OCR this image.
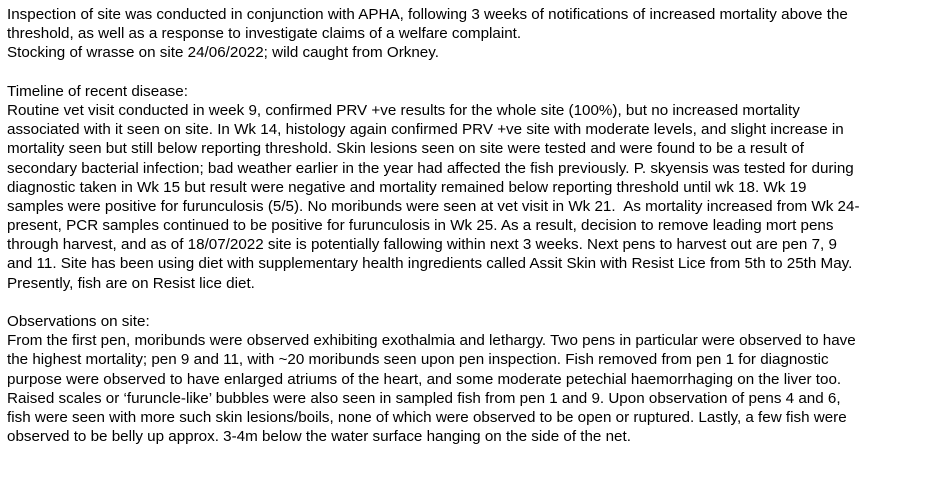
Inspection of site was conducted in conjunction with APHA, following 3 weeks of notifications of increased mortality above the
threshold, as well as a response to investigate claims of a welfare complaint.
Stocking of wrasse on site 24/06/2022; wild caught from Orkney.
Timeline of recent disease:
Routine vet visit conducted in week 9, confirmed PRV +ve results for the whole site (100%), but no increased mortality
associated with it seen on site. In Wk 14, histology again confirmed PRV +ve site with moderate levels, and slight increase in
mortality seen but still below reporting threshold. Skin lesions seen on site were tested and were found to be a result of
secondary bacterial infection; bad weather earlier in the year had affected the fish previously. P. skyensis was tested for during
diagnostic taken in Wk 15 but result were negative and mortality remained below reporting threshold until wk 18. Wk 19
samples were positive for furunculosis (5/5). No moribunds were seen at vet visit in Wk 21.  As mortality increased from Wk 24-
present, PCR samples continued to be positive for furunculosis in Wk 25. As a result, decision to remove leading mort pens
through harvest, and as of 18/07/2022 site is potentially fallowing within next 3 weeks. Next pens to harvest out are pen 7, 9
and 11. Site has been using diet with supplementary health ingredients called Assit Skin with Resist Lice from 5th to 25th May.
Presently, fish are on Resist lice diet.
Observations on site:
From the first pen, moribunds were observed exhibiting exothalmia and lethargy. Two pens in particular were observed to have
the highest mortality; pen 9 and 11, with ~20 moribunds seen upon pen inspection. Fish removed from pen 1 for diagnostic
purpose were observed to have enlarged atriums of the heart, and some moderate petechial haemorrhaging on the liver too.
Raised scales or ‘furuncle-like’ bubbles were also seen in sampled fish from pen 1 and 9. Upon observation of pens 4 and 6,
fish were seen with more such skin lesions/boils, none of which were observed to be open or ruptured. Lastly, a few fish were
observed to be belly up approx. 3-4m below the water surface hanging on the side of the net.
